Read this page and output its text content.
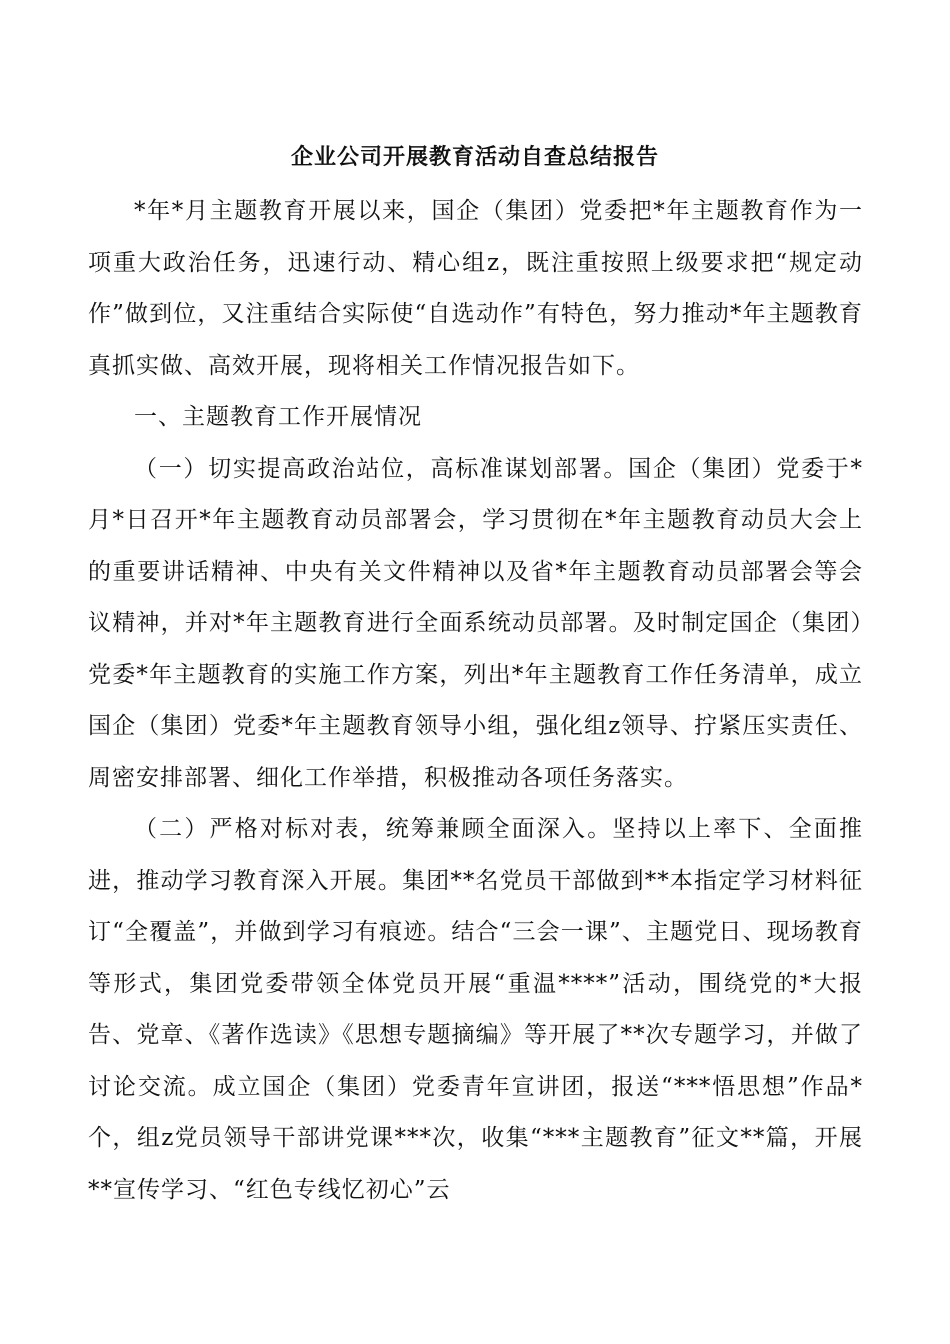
企业公司开展教育活动自查总结报告

*年*月主题教育开展以来，国企（集团）党委把*年主题教育作为一项重大政治任务，迅速行动、精心组z，既注重按照上级要求把“规定动作”做到位，又注重结合实际使“自选动作”有特色，努力推动*年主题教育真抓实做、高效开展，现将相关工作情况报告如下。

一、主题教育工作开展情况

（一）切实提高政治站位，高标准谋划部署。国企（集团）党委于*月*日召开*年主题教育动员部署会，学习贯彻在*年主题教育动员大会上的重要讲话精神、中央有关文件精神以及省*年主题教育动员部署会等会议精神，并对*年主题教育进行全面系统动员部署。及时制定国企（集团）党委*年主题教育的实施工作方案，列出*年主题教育工作任务清单，成立国企（集团）党委*年主题教育领导小组，强化组z领导、拧紧压实责任、周密安排部署、细化工作举措，积极推动各项任务落实。

（二）严格对标对表，统筹兼顾全面深入。坚持以上率下、全面推进，推动学习教育深入开展。集团**名党员干部做到**本指定学习材料征订“全覆盖”，并做到学习有痕迹。结合“三会一课”、主题党日、现场教育等形式，集团党委带领全体党员开展“重温****”活动，围绕党的*大报告、党章、《著作选读》《思想专题摘编》等开展了**次专题学习，并做了讨论交流。成立国企（集团）党委青年宣讲团，报送“***悟思想”作品*个，组z党员领导干部讲党课***次，收集“***主题教育”征文**篇，开展**宣传学习、“红色专线忆初心”云
